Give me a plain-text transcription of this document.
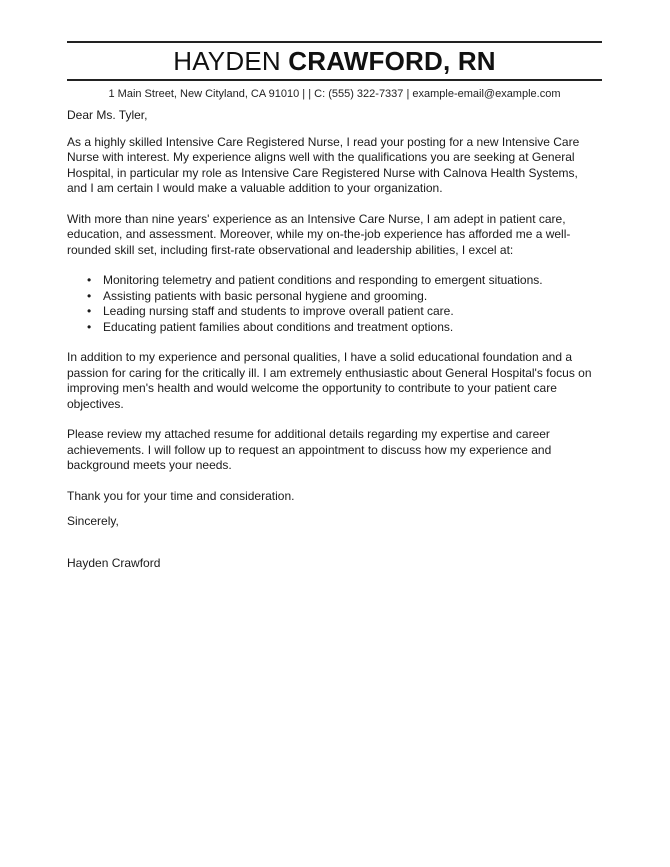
HAYDEN CRAWFORD, RN
1 Main Street, New Cityland, CA 91010 | | C: (555) 322-7337 | example-email@example.com

Dear Ms. Tyler,

As a highly skilled Intensive Care Registered Nurse, I read your posting for a new Intensive Care Nurse with interest. My experience aligns well with the qualifications you are seeking at General Hospital, in particular my role as Intensive Care Registered Nurse with Calnova Health Systems, and I am certain I would make a valuable addition to your organization.

With more than nine years' experience as an Intensive Care Nurse, I am adept in patient care, education, and assessment. Moreover, while my on-the-job experience has afforded me a well-rounded skill set, including first-rate observational and leadership abilities, I excel at:

• Monitoring telemetry and patient conditions and responding to emergent situations.
• Assisting patients with basic personal hygiene and grooming.
• Leading nursing staff and students to improve overall patient care.
• Educating patient families about conditions and treatment options.

In addition to my experience and personal qualities, I have a solid educational foundation and a passion for caring for the critically ill. I am extremely enthusiastic about General Hospital's focus on improving men's health and would welcome the opportunity to contribute to your patient care objectives.

Please review my attached resume for additional details regarding my expertise and career achievements. I will follow up to request an appointment to discuss how my experience and background meets your needs.

Thank you for your time and consideration.

Sincerely,

Hayden Crawford
